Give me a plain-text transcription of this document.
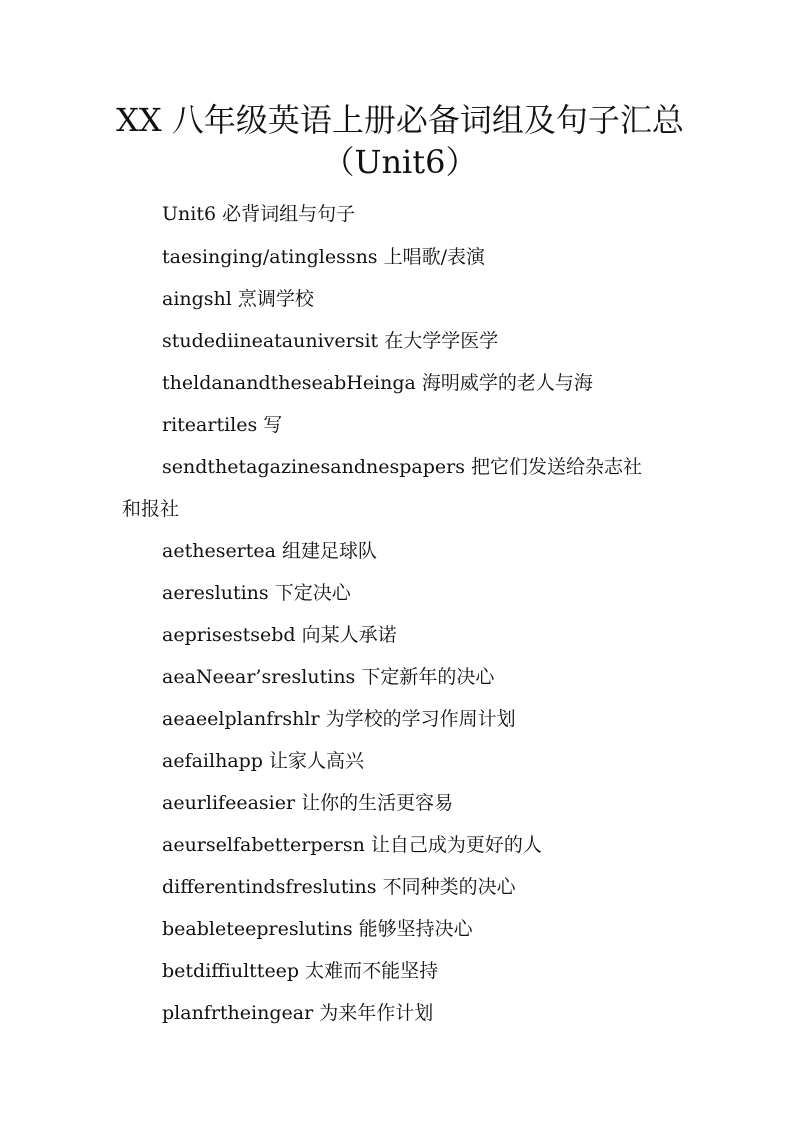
XX 八年级英语上册必备词组及句子汇总
（Unit6）
Unit6 必背词组与句子
taesinging/atinglessns 上唱歌/表演
aingshl 烹调学校
studediineatauniversit 在大学学医学
theldanandtheseabHeinga 海明威学的老人与海
riteartiles 写
sendthetagazinesandnespapers 把它们发送给杂志社
和报社
aethesertea 组建足球队
aereslutins 下定决心
aeprisestsebd 向某人承诺
aeaNeear’sreslutins 下定新年的决心
aeaeelplanfrshlr 为学校的学习作周计划
aefailhapp 让家人高兴
aeurlifeeasier 让你的生活更容易
aeurselfabetterpersn 让自己成为更好的人
differentindsfreslutins 不同种类的决心
beableteepreslutins 能够坚持决心
betdiffiultteep 太难而不能坚持
planfrtheingear 为来年作计划
